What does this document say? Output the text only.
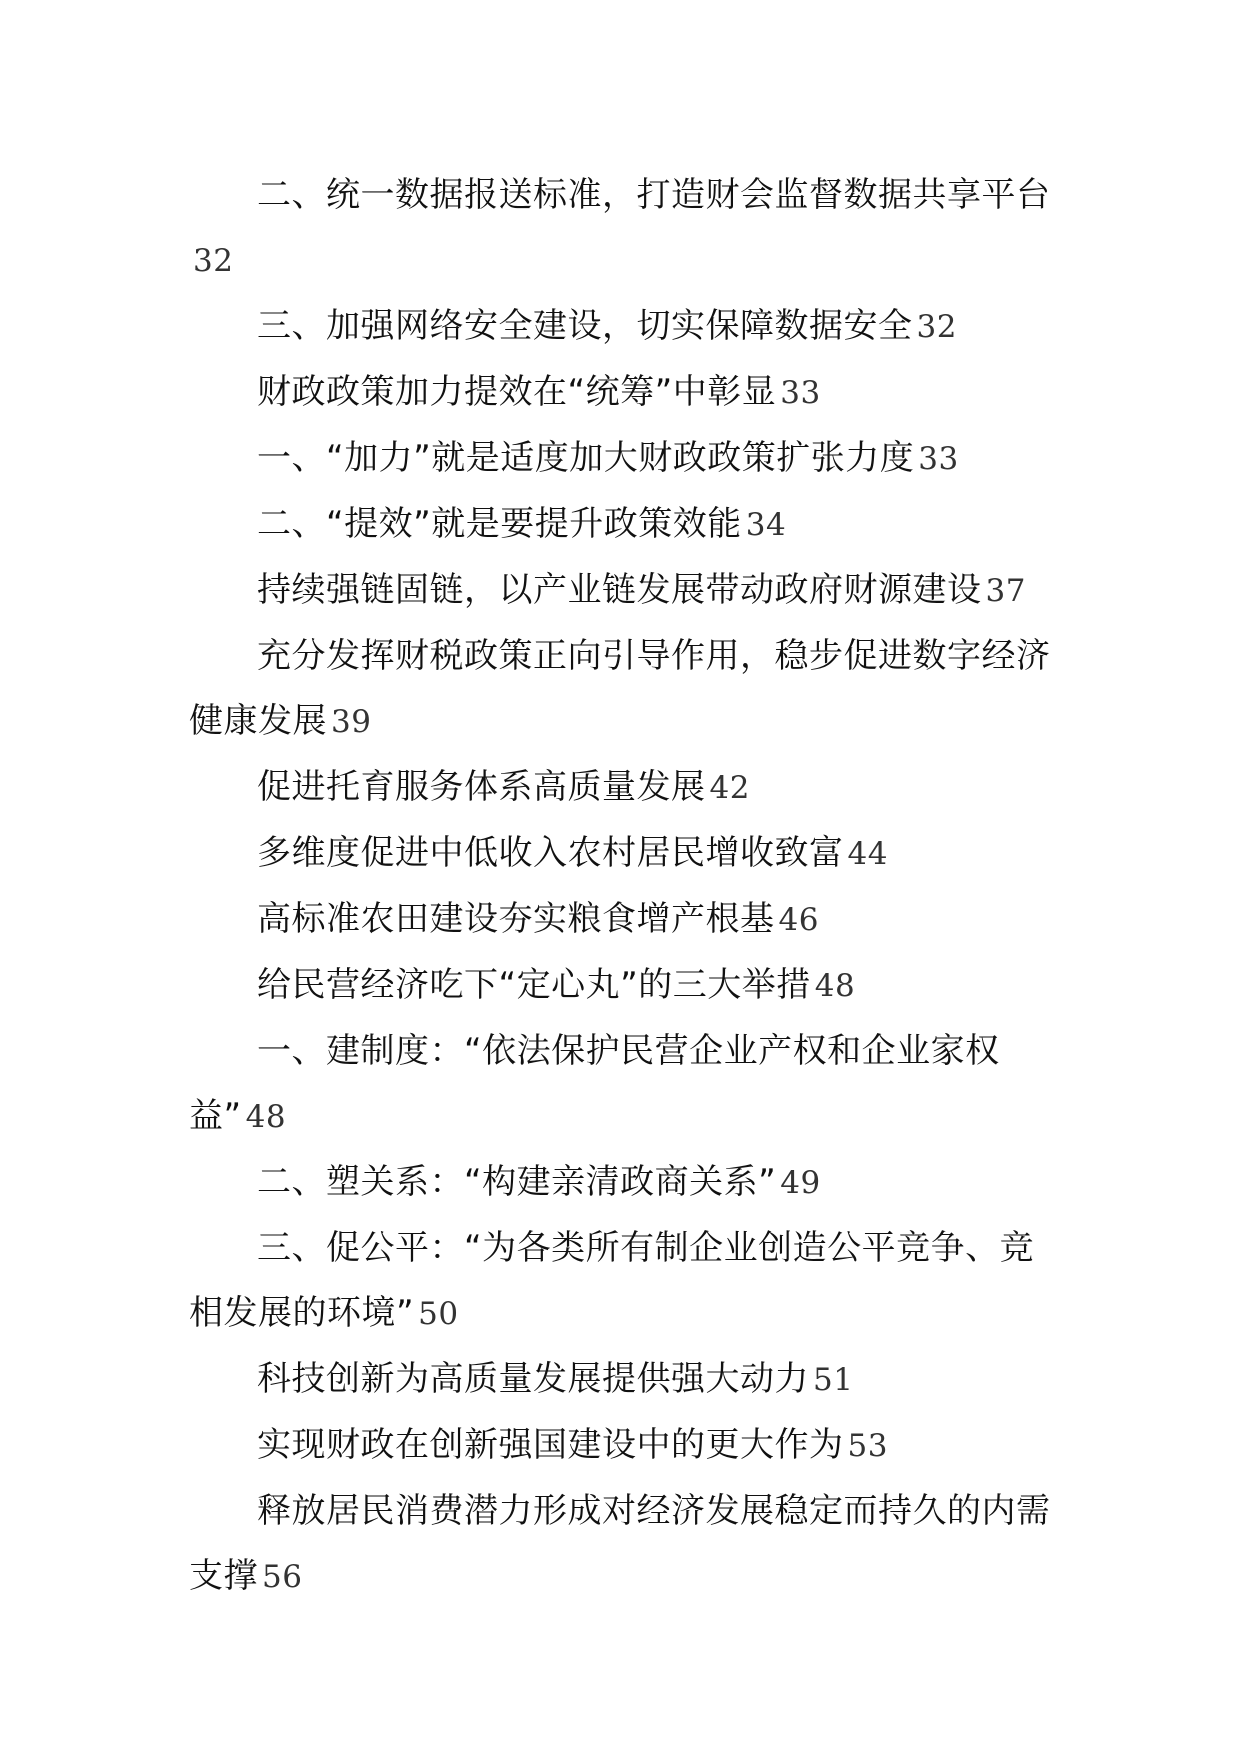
二、统一数据报送标准，打造财会监督数据共享平台32

三、加强网络安全建设，切实保障数据安全 32

财政政策加力提效在“统筹”中彰显 33

一、“加力”就是适度加大财政政策扩张力度 33

二、“提效”就是要提升政策效能 34

持续强链固链，以产业链发展带动政府财源建设 37

充分发挥财税政策正向引导作用，稳步促进数字经济健康发展 39

促进托育服务体系高质量发展 42

多维度促进中低收入农村居民增收致富 44

高标准农田建设夯实粮食增产根基 46

给民营经济吃下“定心丸”的三大举措 48

一、建制度：“依法保护民营企业产权和企业家权益” 48

二、塑关系：“构建亲清政商关系” 49

三、促公平：“为各类所有制企业创造公平竞争、竞相发展的环境” 50

科技创新为高质量发展提供强大动力 51

实现财政在创新强国建设中的更大作为 53

释放居民消费潜力形成对经济发展稳定而持久的内需支撑 56
